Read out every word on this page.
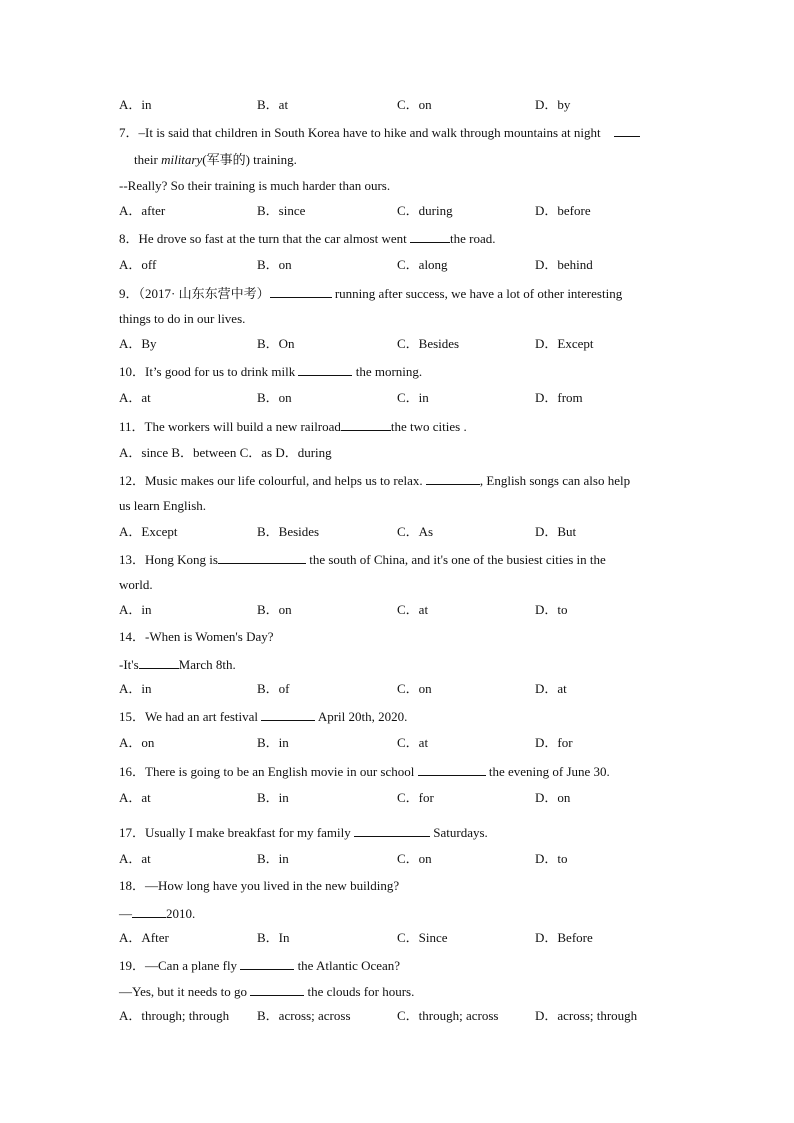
A．in	B．at	C．on	D．by
7．–It is said that children in South Korea have to hike and walk through mountains at night
their military(军事的) training.
--Really? So their training is much harder than ours.
A．after	B．since	C．during	D．before
8．He drove so fast at the turn that the car almost went	the road.
A．off	B．on	C．along	D．behind
9．（2017· 山东东营中考）	running after success, we have a lot of other interesting
things to do in our lives.
A．By	B．On	C．Besides	D．Except
10．It’s good for us to drink milk	the morning.
A．at	B．on	C．in	D．from
11．The workers will build a new railroad	the two cities .
A．since B．between C．as D．during
12．Music makes our life colourful, and helps us to relax.	, English songs can also help
us learn English.
A．Except	B．Besides	C．As	D．But
13．Hong Kong is	the south of China, and it's one of the busiest cities in the
world.
A．in	B．on	C．at	D．to
14．-When is Women's Day?
-It's	March 8th.
A．in	B．of	C．on	D．at
15．We had an art festival	April 20th, 2020.
A．on	B．in	C．at	D．for
16．There is going to be an English movie in our school	the evening of June 30.
A．at	B．in	C．for	D．on
17．Usually I make breakfast for my family	Saturdays.
A．at	B．in	C．on	D．to
18．—How long have you lived in the new building?
—	2010.
A．After	B．In	C．Since	D．Before
19．—Can a plane fly	the Atlantic Ocean?
—Yes, but it needs to go	the clouds for hours.
A．through; through B．across; across	C．through; across	D．across; through
